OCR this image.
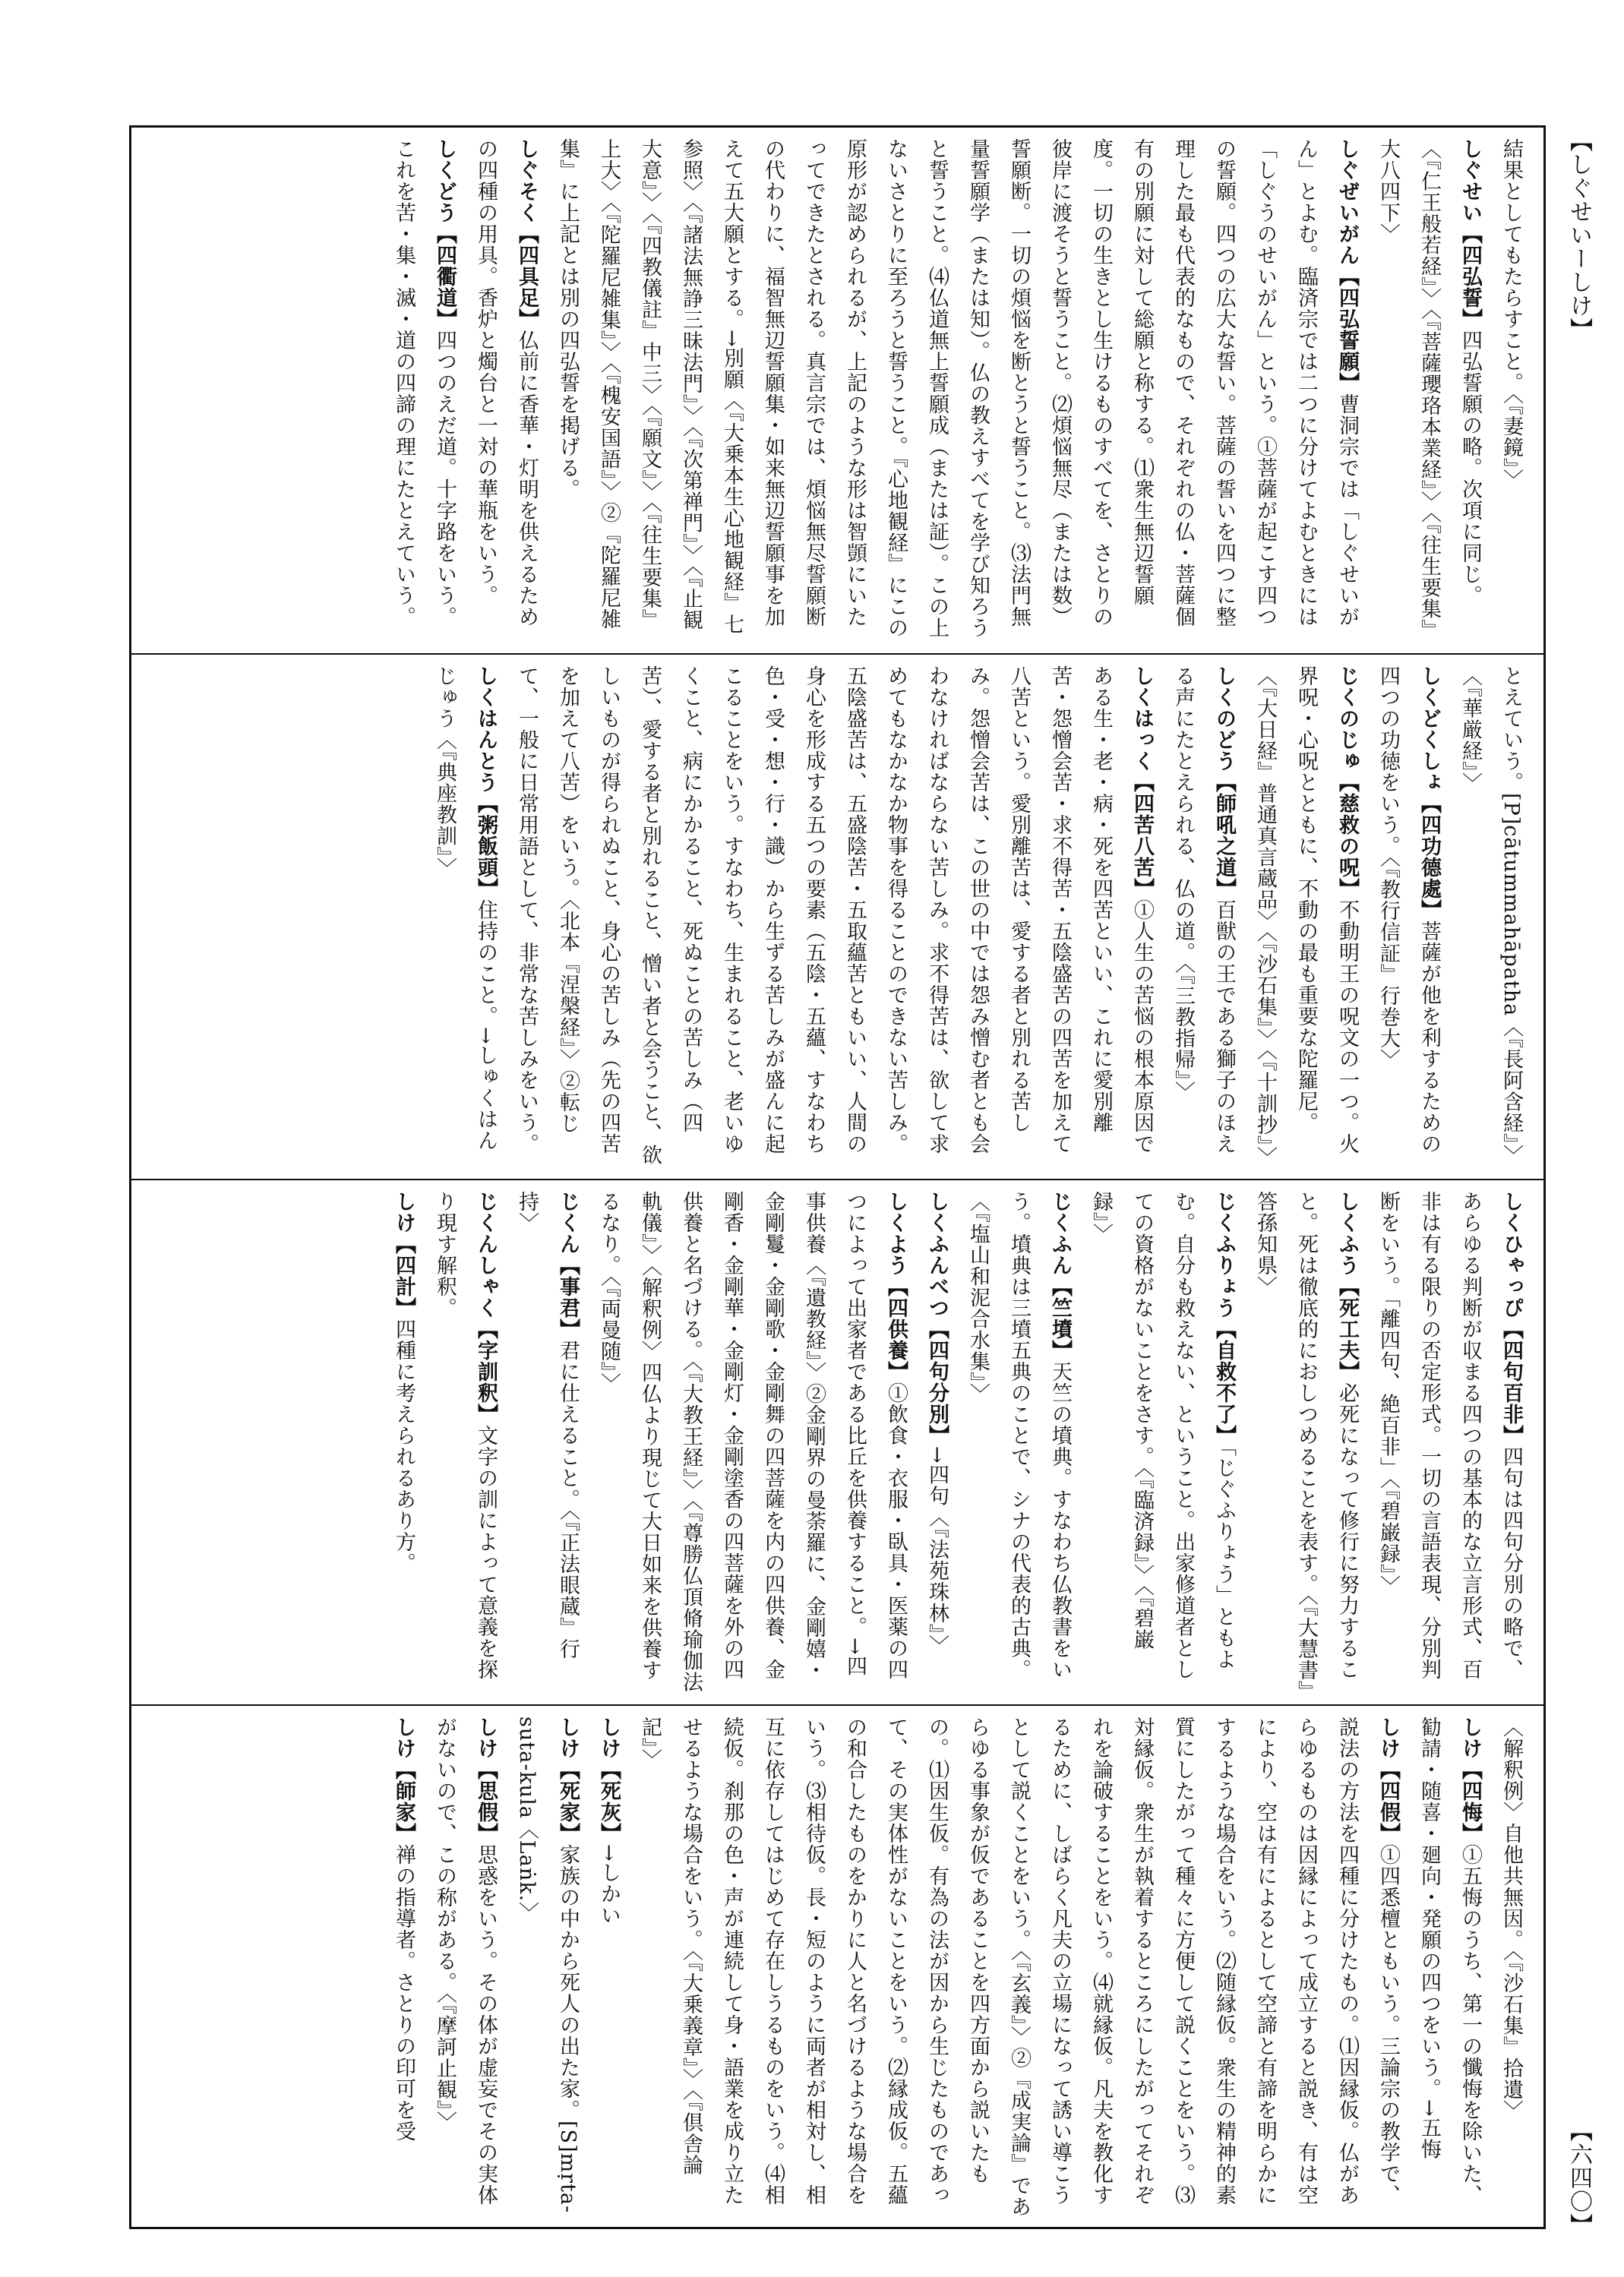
【しぐせいーしけ】
【六四〇】
結果としてもたらすこと。〈『妻鏡』〉
しぐせい【四弘誓】四弘誓願の略。次項に同じ。〈『仁王般若経』〉〈『菩薩瓔珞本業経』〉〈『往生要集』大八四下〉
しぐぜいがん【四弘誓願】曹洞宗では「しぐせいがん」とよむ。臨済宗では二つに分けてよむときには「しぐうのせいがん」という。①菩薩が起こす四つの誓願。四つの広大な誓い。菩薩の誓いを四つに整理した最も代表的なもので、それぞれの仏・菩薩個有の別願に対して総願と称する。⑴衆生無辺誓願度。一切の生きとし生けるものすべてを、さとりの彼岸に渡そうと誓うこと。⑵煩悩無尽（または数）誓願断。一切の煩悩を断とうと誓うこと。⑶法門無量誓願学（または知）。仏の教えすべてを学び知ろうと誓うこと。⑷仏道無上誓願成（または証）。この上ないさとりに至ろうと誓うこと。『心地観経』にこの原形が認められるが、上記のような形は智顗にいたってできたとされる。真言宗では、煩悩無尽誓願断の代わりに、福智無辺誓願集・如来無辺誓願事を加えて五大願とする。→別願〈『大乗本生心地観経』七参照〉〈『諸法無諍三昧法門』〉〈『次第禅門』〉〈『止観大意』〉〈『四教儀註』中三〉〈『願文』〉〈『往生要集』上大〉〈『陀羅尼雑集』〉〈『槐安国語』〉②『陀羅尼雑集』に上記とは別の四弘誓を掲げる。
しぐそく【四具足】仏前に香華・灯明を供えるための四種の用具。香炉と燭台と一対の華瓶をいう。
しくどう【四衢道】四つのえだ道。十字路をいう。これを苦・集・滅・道の四諦の理にたとえていう。
とえていう。[P]cātummahāpatha〈『長阿含経』〉〈『華厳経』〉
しくどくしょ【四功德處】菩薩が他を利するための四つの功徳をいう。〈『教行信証』行巻大〉
じくのじゅ【慈救の呪】不動明王の呪文の一つ。火界呪・心呪とともに、不動の最も重要な陀羅尼。〈『大日経』普通真言蔵品〉〈『沙石集』〉〈『十訓抄』〉
しくのどう【師吼之道】百獣の王である獅子のほえる声にたとえられる、仏の道。〈『三教指帰』〉
しくはっく【四苦八苦】①人生の苦悩の根本原因である生・老・病・死を四苦といい、これに愛別離苦・怨憎会苦・求不得苦・五陰盛苦の四苦を加えて八苦という。愛別離苦は、愛する者と別れる苦しみ。怨憎会苦は、この世の中では怨み憎む者とも会わなければならない苦しみ。求不得苦は、欲して求めてもなかなか物事を得ることのできない苦しみ。五陰盛苦は、五盛陰苦・五取蘊苦ともいい、人間の身心を形成する五つの要素（五陰・五蘊、すなわち色・受・想・行・識）から生ずる苦しみが盛んに起こることをいう。すなわち、生まれること、老いゆくこと、病にかかること、死ぬことの苦しみ（四苦）、愛する者と別れること、憎い者と会うこと、欲しいものが得られぬこと、身心の苦しみ（先の四苦を加えて八苦）をいう。〈北本『涅槃経』〉②転じて、一般に日常用語として、非常な苦しみをいう。
しくはんとう【粥飯頭】住持のこと。→しゅくはんじゅう〈『典座教訓』〉
しくひゃっぴ【四句百非】四句は四句分別の略で、あらゆる判断が収まる四つの基本的な立言形式、百非は有る限りの否定形式。一切の言語表現、分別判断をいう。「離四句、絶百非」〈『碧巌録』〉
しくふう【死工夫】必死になって修行に努力すること。死は徹底的におしつめることを表す。〈『大慧書』答孫知県〉
じくふりょう【自救不了】「じぐふりょう」ともよむ。自分も救えない、ということ。出家修道者としての資格がないことをさす。〈『臨済録』〉〈『碧巌録』〉
じくふん【竺墳】天竺の墳典。すなわち仏教書をいう。墳典は三墳五典のことで、シナの代表的古典。〈『塩山和泥合水集』〉
しくふんべつ【四句分別】→四句〈『法苑珠林』〉
しくよう【四供養】①飲食・衣服・臥具・医薬の四つによって出家者である比丘を供養すること。→四事供養〈『遺教経』〉②金剛界の曼荼羅に、金剛嬉・金剛鬘・金剛歌・金剛舞の四菩薩を内の四供養、金剛香・金剛華・金剛灯・金剛塗香の四菩薩を外の四供養と名づける。〈『大教王経』〉〈『尊勝仏頂脩瑜伽法軌儀』〉〈解釈例〉四仏より現じて大日如来を供養するなり。〈『両曼随』〉
じくん【事君】君に仕えること。〈『正法眼蔵』行持〉
じくんしゃく【字訓釈】文字の訓によって意義を探り現す解釈。
しけ【四計】四種に考えられるあり方。
〈解釈例〉自他共無因。〈『沙石集』拾遺〉
しけ【四悔】①五悔のうち、第一の懺悔を除いた、勧請・随喜・廻向・発願の四つをいう。→五悔
しけ【四假】①四悉檀ともいう。三論宗の教学で、説法の方法を四種に分けたもの。⑴因縁仮。仏があらゆるものは因縁によって成立すると説き、有は空により、空は有によるとして空諦と有諦を明らかにするような場合をいう。⑵随縁仮。衆生の精神的素質にしたがって種々に方便して説くことをいう。⑶対縁仮。衆生が執着するところにしたがってそれぞれを論破することをいう。⑷就縁仮。凡夫を教化するために、しばらく凡夫の立場になって誘い導こうとして説くことをいう。〈『玄義』〉②『成実論』であらゆる事象が仮であることを四方面から説いたもの。⑴因生仮。有為の法が因から生じたものであって、その実体性がないことをいう。⑵縁成仮。五蘊の和合したものをかりに人と名づけるような場合をいう。⑶相待仮。長・短のように両者が相対し、相互に依存してはじめて存在しうるものをいう。⑷相続仮。刹那の色・声が連続して身・語業を成り立たせるような場合をいう。〈『大乗義章』〉〈『倶舎論記』〉
しけ【死灰】→しかい
しけ【死家】家族の中から死人の出た家。[S]mṛta-suta-kula〈Laṅk.〉
しけ【思假】思惑をいう。その体が虚妄でその実体がないので、この称がある。〈『摩訶止観』〉
しけ【師家】禅の指導者。さとりの印可を受
